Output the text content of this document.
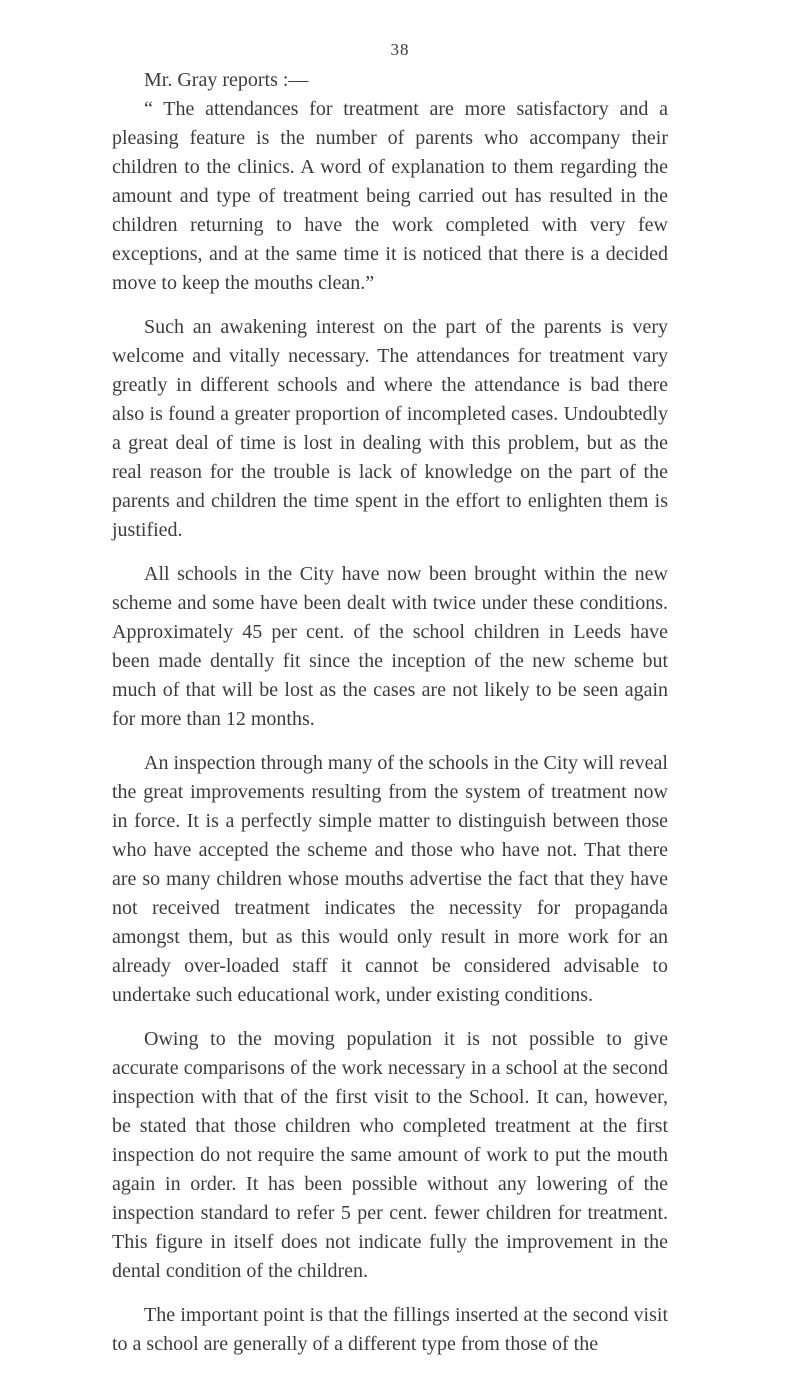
38

Mr. Gray reports :—

“ The attendances for treatment are more satisfactory and a pleasing feature is the number of parents who accompany their children to the clinics. A word of explanation to them regarding the amount and type of treatment being carried out has resulted in the children returning to have the work completed with very few exceptions, and at the same time it is noticed that there is a decided move to keep the mouths clean.”

Such an awakening interest on the part of the parents is very welcome and vitally necessary. The attendances for treatment vary greatly in different schools and where the attendance is bad there also is found a greater proportion of incompleted cases. Undoubtedly a great deal of time is lost in dealing with this problem, but as the real reason for the trouble is lack of knowledge on the part of the parents and children the time spent in the effort to enlighten them is justified.

All schools in the City have now been brought within the new scheme and some have been dealt with twice under these conditions. Approximately 45 per cent. of the school children in Leeds have been made dentally fit since the inception of the new scheme but much of that will be lost as the cases are not likely to be seen again for more than 12 months.

An inspection through many of the schools in the City will reveal the great improvements resulting from the system of treatment now in force. It is a perfectly simple matter to distinguish between those who have accepted the scheme and those who have not. That there are so many children whose mouths advertise the fact that they have not received treatment indicates the necessity for propaganda amongst them, but as this would only result in more work for an already over-loaded staff it cannot be considered advisable to undertake such educational work, under existing conditions.

Owing to the moving population it is not possible to give accurate comparisons of the work necessary in a school at the second inspection with that of the first visit to the School. It can, however, be stated that those children who completed treatment at the first inspection do not require the same amount of work to put the mouth again in order. It has been possible without any lowering of the inspection standard to refer 5 per cent. fewer children for treatment. This figure in itself does not indicate fully the improvement in the dental condition of the children.

The important point is that the fillings inserted at the second visit to a school are generally of a different type from those of the
